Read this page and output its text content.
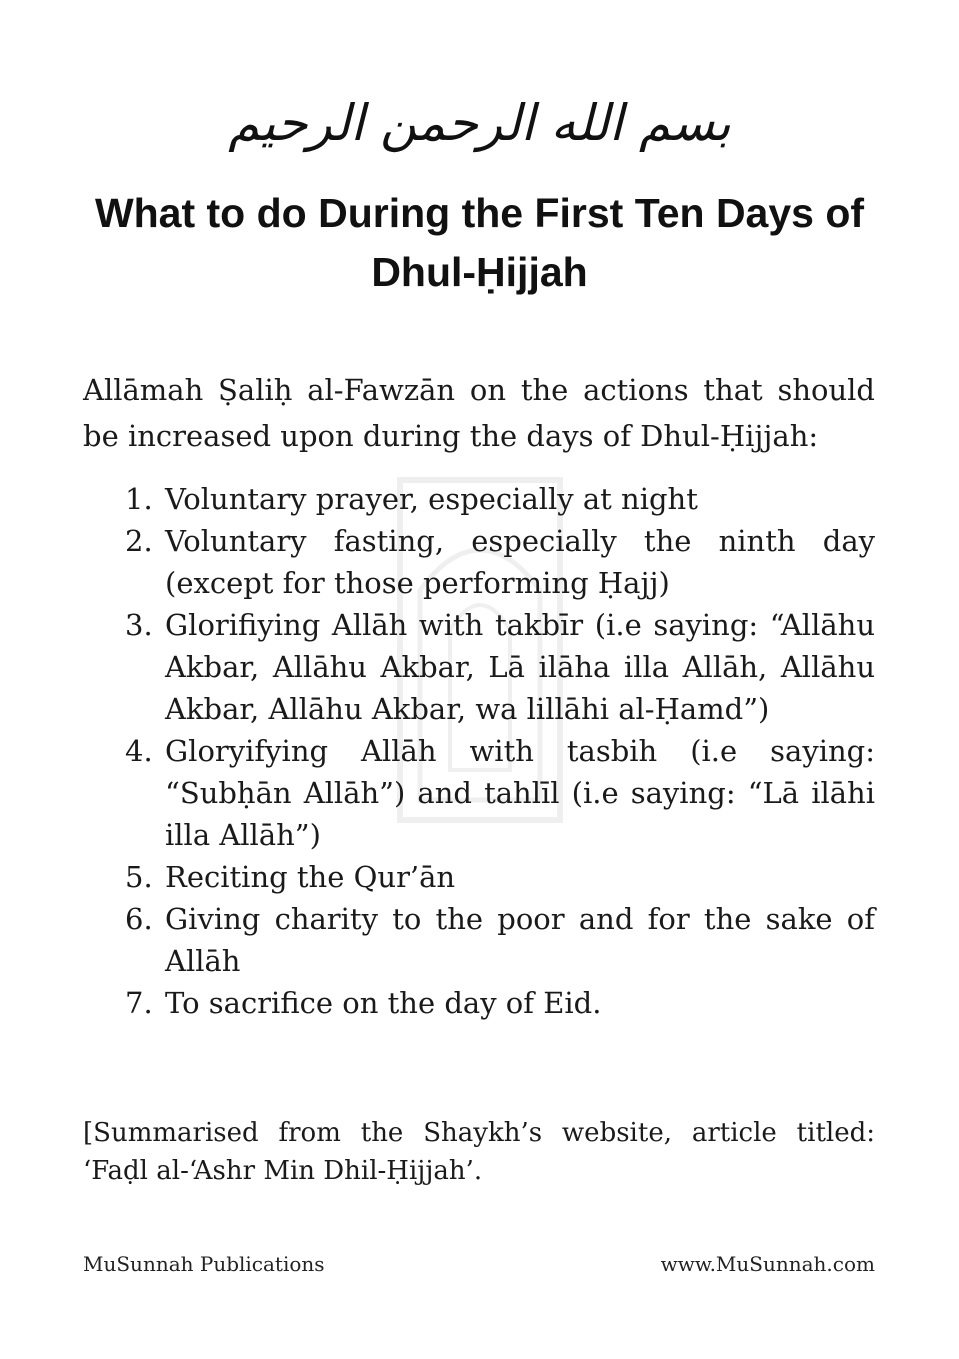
بسم الله الرحمن الرحيم
What to do During the First Ten Days of Dhul-Ḥijjah

Allāmah Ṣaliḥ al-Fawzān on the actions that should be increased upon during the days of Dhul-Ḥijjah:

1. Voluntary prayer, especially at night
2. Voluntary fasting, especially the ninth day (except for those performing Ḥajj)
3. Glorifiying Allāh with takbīr (i.e saying: “Allāhu Akbar, Allāhu Akbar, Lā ilāha illa Allāh, Allāhu Akbar, Allāhu Akbar, wa lillāhi al-Ḥamd”)
4. Gloryifying Allāh with tasbih (i.e saying: “Subḥān Allāh”) and tahlīl (i.e saying: “Lā ilāhi illa Allāh”)
5. Reciting the Qur’ān
6. Giving charity to the poor and for the sake of Allāh
7. To sacrifice on the day of Eid.

[Summarised from the Shaykh’s website, article titled: ‘Faḍl al-‘Ashr Min Dhil-Ḥijjah’.

MuSunnah Publications	www.MuSunnah.com
